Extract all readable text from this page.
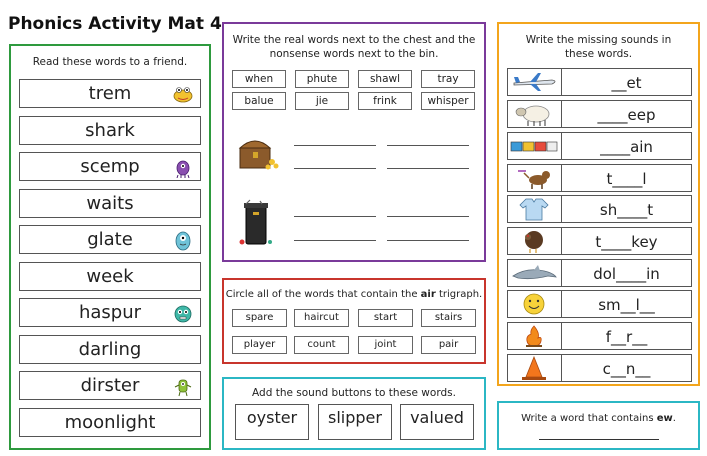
Phonics Activity Mat 4
Read these words to a friend.
trem
shark
scemp
waits
glate
week
haspur
darling
dirster
moonlight
Write the real words next to the chest and the
nonsense words next to the bin.
when	phute	shawl	tray
balue	jie	frink	whisper
Circle all of the words that contain the air trigraph.
spare	haircut	start	stairs
player	count	joint	pair
Add the sound buttons to these words.
oyster	slipper	valued
Write the missing sounds in
these words.
__et
____eep
____ain
t____l
sh____t
t____key
dol____in
sm__l__
f__r__
c__n__
Write a word that contains ew.
